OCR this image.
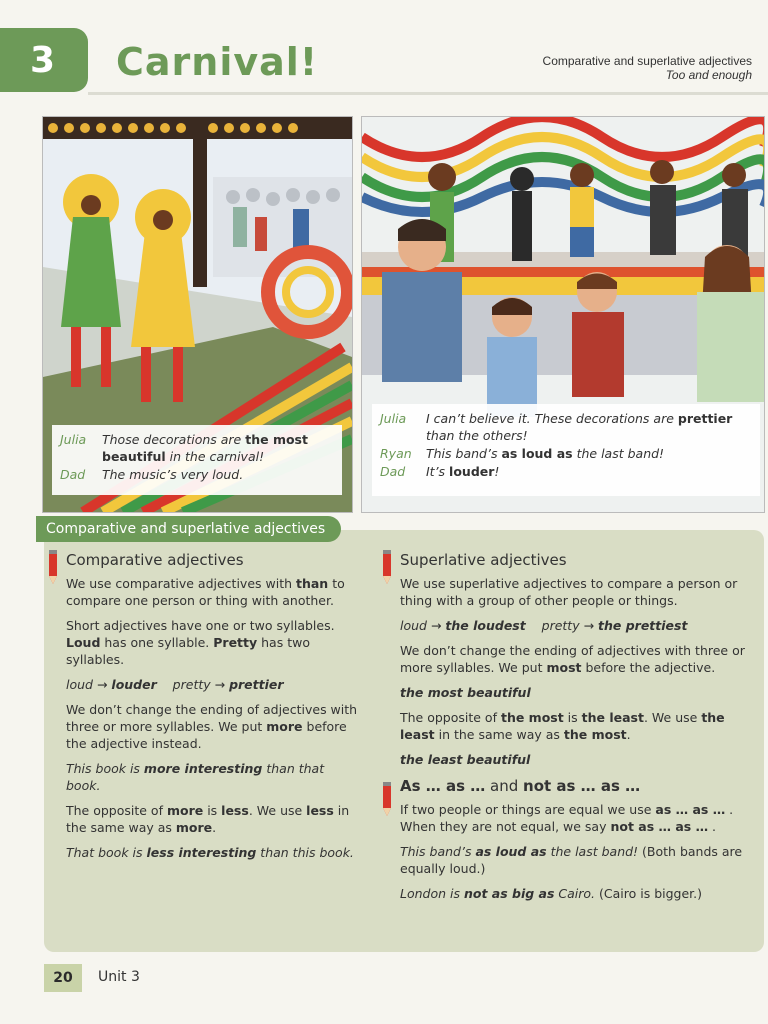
3 Carnival!	Comparative and superlative adjectives
Too and enough
Julia	Those decorations are the most beautiful in the carnival!
Dad	The music’s very loud.
Julia	I can’t believe it. These decorations are prettier than the others!
Ryan	This band’s as loud as the last band!
Dad	It’s louder!
Comparative and superlative adjectives
Comparative adjectives

We use comparative adjectives with than to compare one person or thing with another.

Short adjectives have one or two syllables. Loud has one syllable. Pretty has two syllables.

loud → louder    pretty → prettier

We don’t change the ending of adjectives with three or more syllables. We put more before the adjective instead.

This book is more interesting than that book.

The opposite of more is less. We use less in the same way as more.

That book is less interesting than this book.

Superlative adjectives

We use superlative adjectives to compare a person or thing with a group of other people or things.

loud → the loudest    pretty → the prettiest

We don’t change the ending of adjectives with three or more syllables. We put most before the adjective.

the most beautiful

The opposite of the most is the least. We use the least in the same way as the most.

the least beautiful

As … as … and not as … as …

If two people or things are equal we use as … as … . When they are not equal, we say not as … as … .

This band’s as loud as the last band! (Both bands are equally loud.)

London is not as big as Cairo. (Cairo is bigger.)

20	Unit 3
